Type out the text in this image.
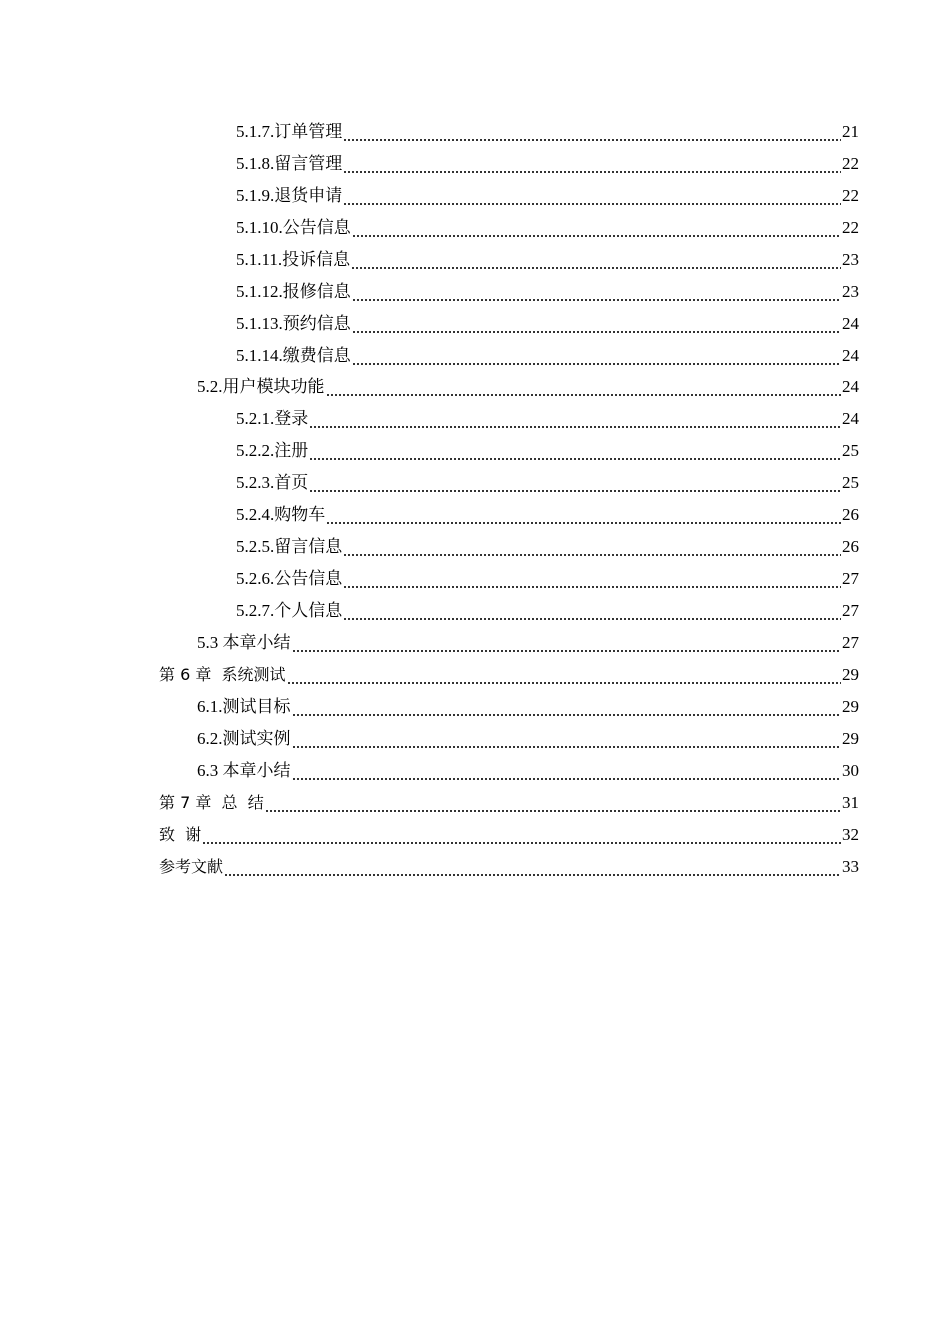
5.1.7.订单管理	21
5.1.8.留言管理	22
5.1.9.退货申请	22
5.1.10.公告信息	22
5.1.11.投诉信息	23
5.1.12.报修信息	23
5.1.13.预约信息	24
5.1.14.缴费信息	24
5.2.用户模块功能	24
5.2.1.登录	24
5.2.2.注册	25
5.2.3.首页	25
5.2.4.购物车	26
5.2.5.留言信息	26
5.2.6.公告信息	27
5.2.7.个人信息	27
5.3 本章小结	27
第 6 章  系统测试	29
6.1.测试目标	29
6.2.测试实例	29
6.3 本章小结	30
第 7 章  总  结	31
致  谢	32
参考文献	33
